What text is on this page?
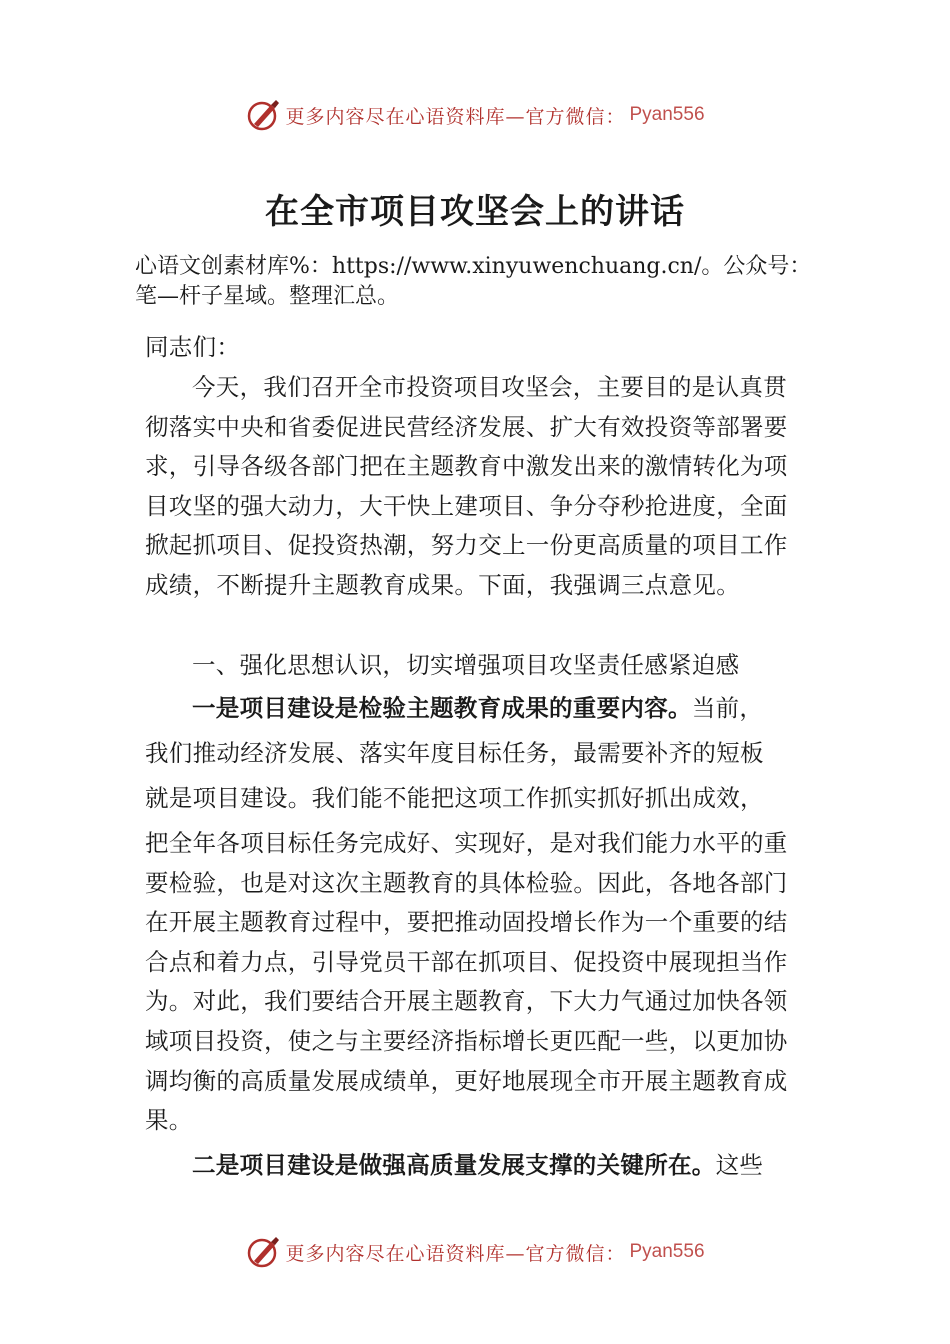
更多内容尽在心语资料库—官方微信： Pyan556
在全市项目攻坚会上的讲话
心语文创素材库%：https://www.xinyuwenchuang.cn/。公众号：笔—杆子星域。整理汇总。

同志们：

今天，我们召开全市投资项目攻坚会，主要目的是认真贯彻落实中央和省委促进民营经济发展、扩大有效投资等部署要求，引导各级各部门把在主题教育中激发出来的激情转化为项目攻坚的强大动力，大干快上建项目、争分夺秒抢进度，全面掀起抓项目、促投资热潮，努力交上一份更高质量的项目工作成绩，不断提升主题教育成果。下面，我强调三点意见。

一、强化思想认识，切实增强项目攻坚责任感紧迫感

一是项目建设是检验主题教育成果的重要内容。当前，

我们推动经济发展、落实年度目标任务，最需要补齐的短板

就是项目建设。我们能不能把这项工作抓实抓好抓出成效，

把全年各项目标任务完成好、实现好，是对我们能力水平的重要检验，也是对这次主题教育的具体检验。因此，各地各部门在开展主题教育过程中，要把推动固投增长作为一个重要的结合点和着力点，引导党员干部在抓项目、促投资中展现担当作为。对此，我们要结合开展主题教育，下大力气通过加快各领域项目投资，使之与主要经济指标增长更匹配一些，以更加协调均衡的高质量发展成绩单，更好地展现全市开展主题教育成果。

二是项目建设是做强高质量发展支撑的关键所在。这些

更多内容尽在心语资料库—官方微信： Pyan556
